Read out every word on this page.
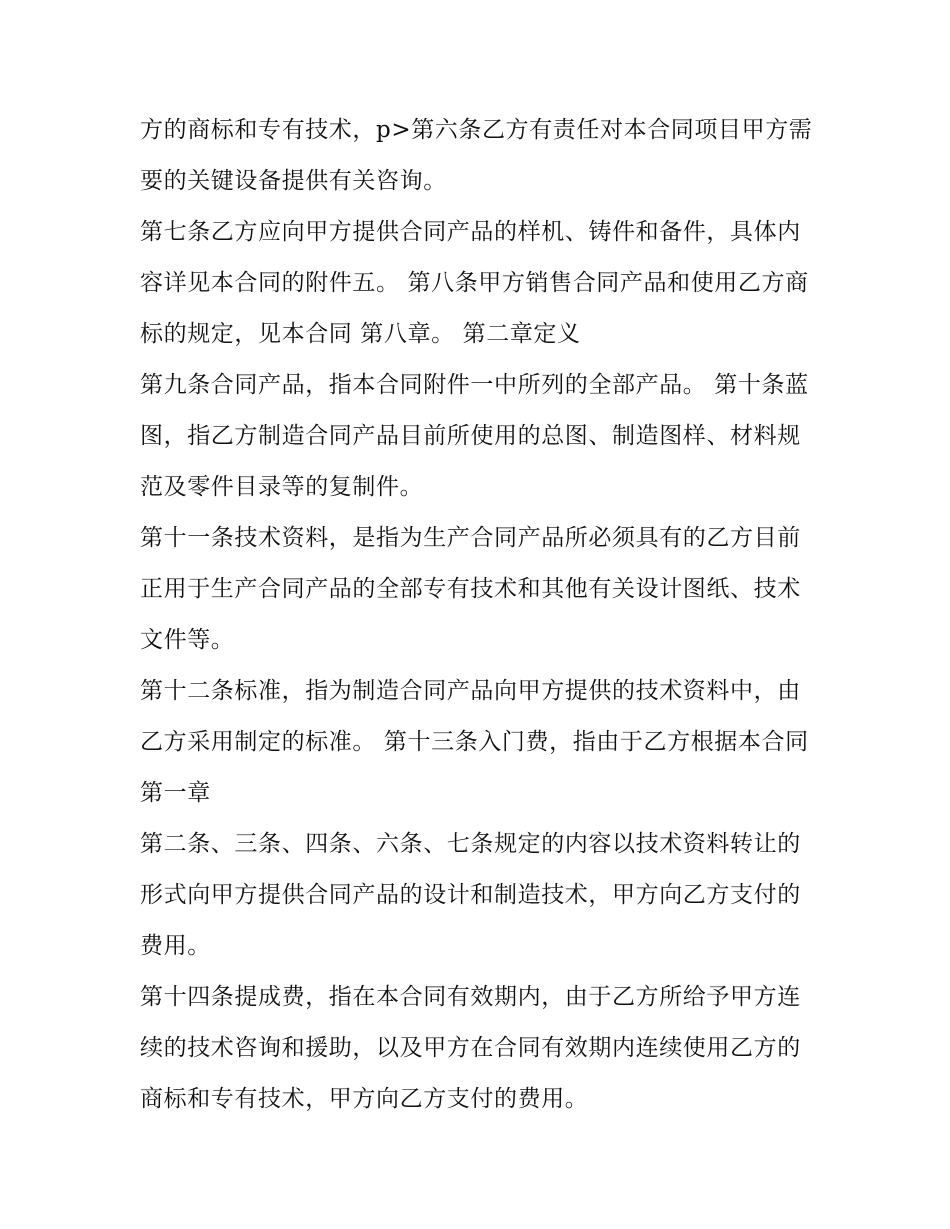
方的商标和专有技术，p>第六条乙方有责任对本合同项目甲方需要的关键设备提供有关咨询。

第七条乙方应向甲方提供合同产品的样机、铸件和备件，具体内容详见本合同的附件五。 第八条甲方销售合同产品和使用乙方商标的规定，见本合同 第八章。 第二章定义

第九条合同产品，指本合同附件一中所列的全部产品。 第十条蓝图，指乙方制造合同产品目前所使用的总图、制造图样、材料规范及零件目录等的复制件。

第十一条技术资料，是指为生产合同产品所必须具有的乙方目前正用于生产合同产品的全部专有技术和其他有关设计图纸、技术文件等。

第十二条标准，指为制造合同产品向甲方提供的技术资料中，由乙方采用制定的标准。 第十三条入门费，指由于乙方根据本合同 第一章

第二条、三条、四条、六条、七条规定的内容以技术资料转让的形式向甲方提供合同产品的设计和制造技术，甲方向乙方支付的费用。

第十四条提成费，指在本合同有效期内，由于乙方所给予甲方连续的技术咨询和援助，以及甲方在合同有效期内连续使用乙方的商标和专有技术，甲方向乙方支付的费用。
